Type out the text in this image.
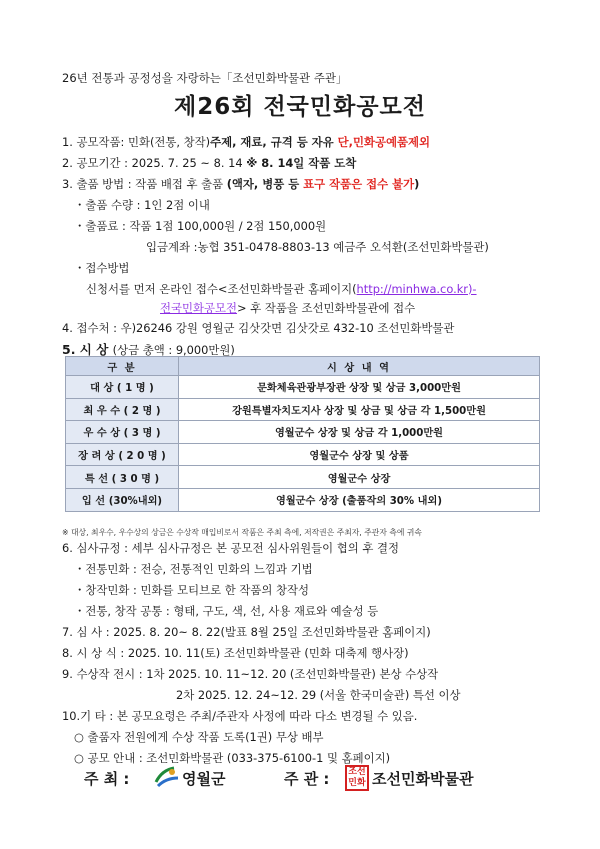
26년 전통과 공정성을 자랑하는「조선민화박물관 주관」
제26회 전국민화공모전
1. 공모작품: 민화(전통, 창작)주제, 재료, 규격 등 자유 단,민화공예품제외
2. 공모기간 : 2025. 7. 25 ~ 8. 14 ※ 8. 14일 작품 도착
3. 출품 방법 : 작품 배접 후 출품 (액자, 병풍 등 표구 작품은 접수 불가)
・출품 수량 : 1인 2점 이내
・출품료 : 작품 1점 100,000원 / 2점 150,000원
입금계좌 :농협 351-0478-8803-13 예금주 오석환(조선민화박물관)
・접수방법
신청서를 먼저 온라인 접수<조선민화박물관 홈페이지(http://minhwa.co.kr)-
전국민화공모전> 후 작품을 조선민화박물관에 접수
4. 접수처 : 우)26246 강원 영월군 김삿갓면 김삿갓로 432-10 조선민화박물관
5. 시 상 (상금 총액 : 9,000만원)
구 분	시 상 내 역
대 상 ( 1 명 )	문화체육관광부장관 상장 및 상금 3,000만원
최 우 수 ( 2 명 )	강원특별자치도지사 상장 및 상금 및 상금 각 1,500만원
우 수 상 ( 3 명 )	영월군수 상장 및 상금 각 1,000만원
장 려 상 ( 2 0 명 )	영월군수 상장 및 상품
특 선 ( 3 0 명 )	영월군수 상장
입 선 (30%내외)	영월군수 상장 (출품작의 30% 내외)
※ 대상, 최우수, 우수상의 상금은 수상작 매입비로서 작품은 주최 측에, 저작권은 주최자, 주관자 측에 귀속
6. 심사규정 : 세부 심사규정은 본 공모전 심사위원들이 협의 후 결정
・전통민화 : 전승, 전통적인 민화의 느낌과 기법
・창작민화 : 민화를 모티브로 한 작품의 창작성
・전통, 창작 공통 : 형태, 구도, 색, 선, 사용 재료와 예술성 등
7. 심 사 : 2025. 8. 20~ 8. 22(발표 8월 25일 조선민화박물관 홈페이지)
8. 시 상 식 : 2025. 10. 11(토) 조선민화박물관 (민화 대축제 행사장)
9. 수상작 전시 : 1차 2025. 10. 11~12. 20 (조선민화박물관) 본상 수상작
2차 2025. 12. 24~12. 29 (서울 한국미술관) 특선 이상
10.기 타 : 본 공모요령은 주최/주관자 사정에 따라 다소 변경될 수 있음.
○ 출품자 전원에게 수상 작품 도록(1권) 무상 배부
○ 공모 안내 : 조선민화박물관 (033-375-6100-1 및 홈페이지)
주 최 :	영월군	주 관 :	조선민화 조선민화박물관
